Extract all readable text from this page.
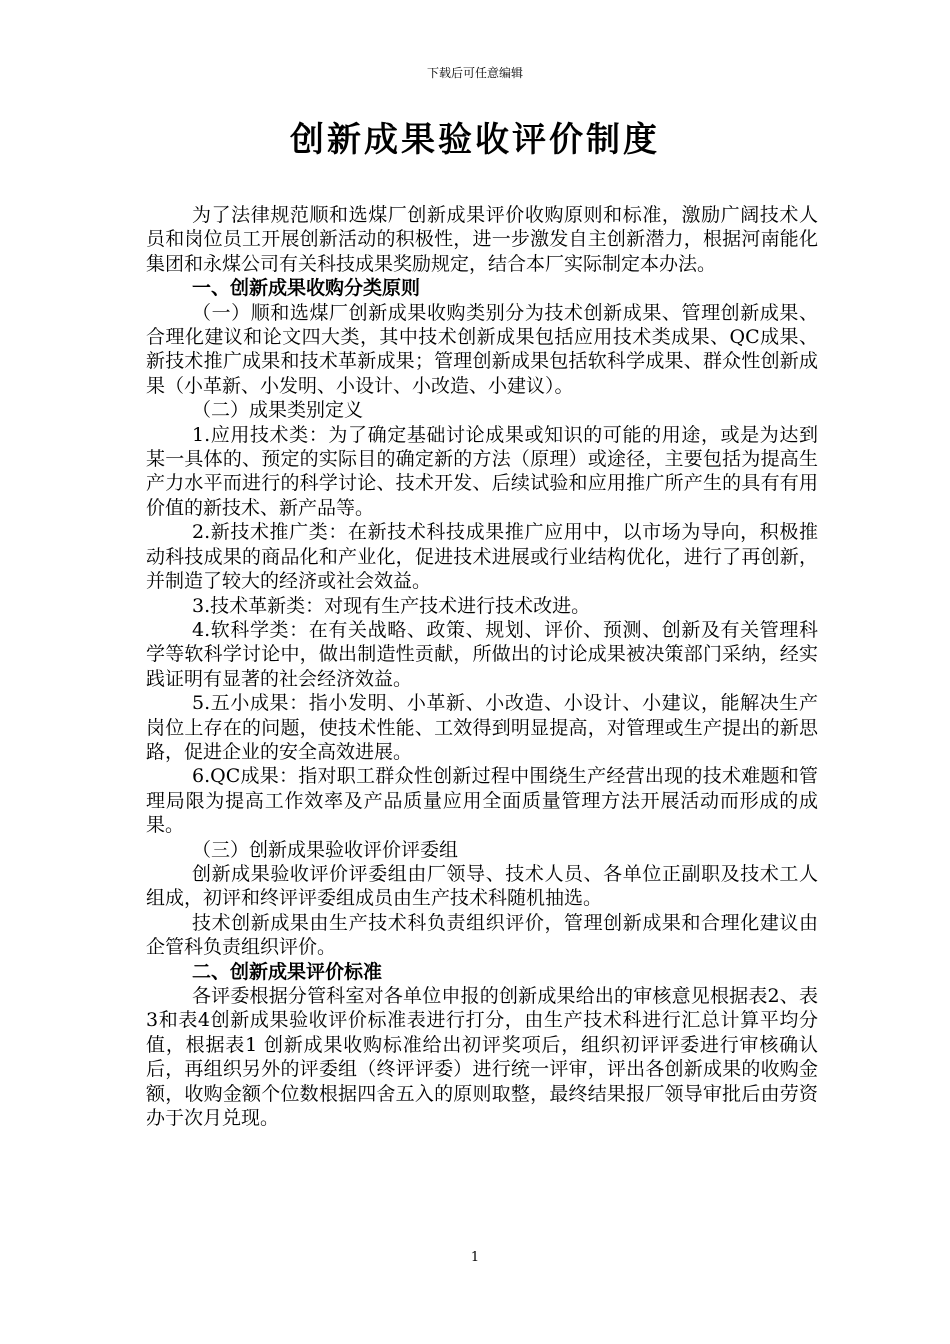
下载后可任意编辑
创新成果验收评价制度

为了法律规范顺和选煤厂创新成果评价收购原则和标准，激励广阔技术人员和岗位员工开展创新活动的积极性，进一步激发自主创新潜力，根据河南能化集团和永煤公司有关科技成果奖励规定，结合本厂实际制定本办法。

一、创新成果收购分类原则

（一）顺和选煤厂创新成果收购类别分为技术创新成果、管理创新成果、合理化建议和论文四大类，其中技术创新成果包括应用技术类成果、QC成果、新技术推广成果和技术革新成果；管理创新成果包括软科学成果、群众性创新成果（小革新、小发明、小设计、小改造、小建议）。

（二）成果类别定义

1.应用技术类：为了确定基础讨论成果或知识的可能的用途，或是为达到某一具体的、预定的实际目的确定新的方法（原理）或途径，主要包括为提高生产力水平而进行的科学讨论、技术开发、后续试验和应用推广所产生的具有有用价值的新技术、新产品等。

2.新技术推广类：在新技术科技成果推广应用中，以市场为导向，积极推动科技成果的商品化和产业化，促进技术进展或行业结构优化，进行了再创新，并制造了较大的经济或社会效益。

3.技术革新类：对现有生产技术进行技术改进。

4.软科学类：在有关战略、政策、规划、评价、预测、创新及有关管理科学等软科学讨论中，做出制造性贡献，所做出的讨论成果被决策部门采纳，经实践证明有显著的社会经济效益。

5.五小成果：指小发明、小革新、小改造、小设计、小建议，能解决生产岗位上存在的问题，使技术性能、工效得到明显提高，对管理或生产提出的新思路，促进企业的安全高效进展。

6.QC成果：指对职工群众性创新过程中围绕生产经营出现的技术难题和管理局限为提高工作效率及产品质量应用全面质量管理方法开展活动而形成的成果。

（三）创新成果验收评价评委组

创新成果验收评价评委组由厂领导、技术人员、各单位正副职及技术工人组成，初评和终评评委组成员由生产技术科随机抽选。

技术创新成果由生产技术科负责组织评价，管理创新成果和合理化建议由企管科负责组织评价。

二、创新成果评价标准

各评委根据分管科室对各单位申报的创新成果给出的审核意见根据表2、表3和表4创新成果验收评价标准表进行打分，由生产技术科进行汇总计算平均分值，根据表1 创新成果收购标准给出初评奖项后，组织初评评委进行审核确认后，再组织另外的评委组（终评评委）进行统一评审，评出各创新成果的收购金额，收购金额个位数根据四舍五入的原则取整，最终结果报厂领导审批后由劳资办于次月兑现。

1
